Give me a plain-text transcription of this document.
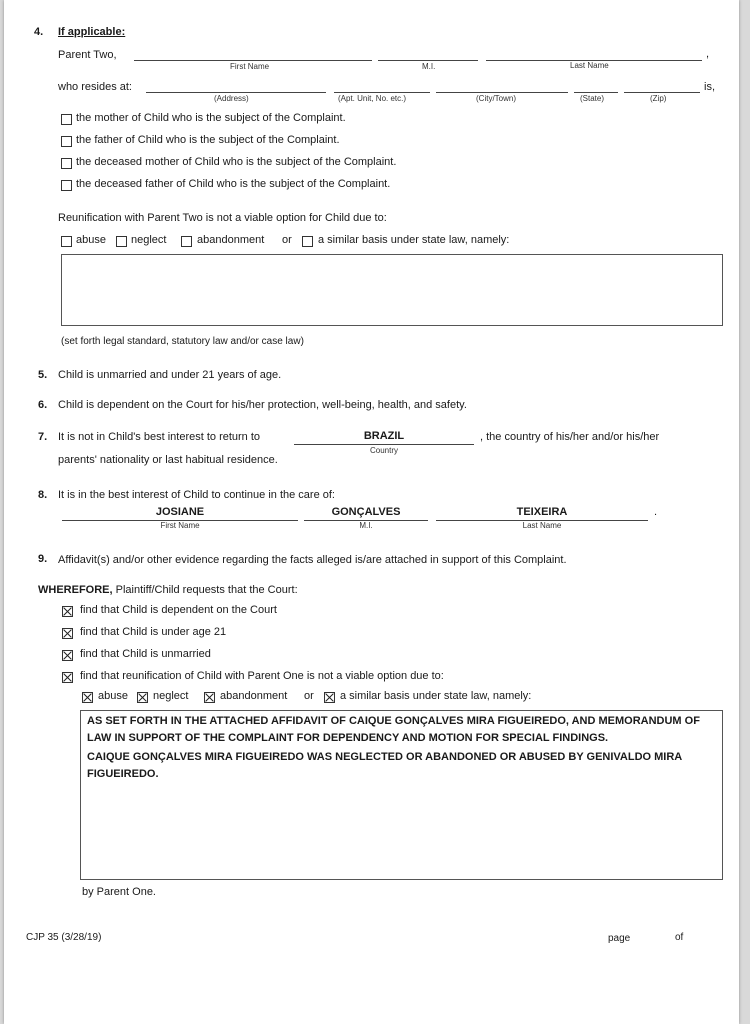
4. If applicable:
Parent Two,	,
First Name	M.I.	Last Name
who resides at:	is,
(Address)	(Apt. Unit, No. etc.)	(City/Town)	(State)	(Zip)
the mother of Child who is the subject of the Complaint.
the father of Child who is the subject of the Complaint.
the deceased mother of Child who is the subject of the Complaint.
the deceased father of Child who is the subject of the Complaint.
Reunification with Parent Two is not a viable option for Child due to:
abuse neglect	abandonment or a similar basis under state law, namely:
(set forth legal standard, statutory law and/or case law)
5. Child is unmarried and under 21 years of age.
6. Child is dependent on the Court for his/her protection, well-being, health, and safety.
7. It is not in Child's best interest to return to	BRAZIL
Country
, the country of his/her and/or his/her
parents' nationality or last habitual residence.
8. It is in the best interest of Child to continue in the care of:
.
JOSIANE	GONÇALVES	TEIXEIRA
First Name	M.I.	Last Name
9. Affidavit(s) and/or other evidence regarding the facts alleged is/are attached in support of this Complaint.
WHEREFORE, Plaintiff/Child requests that the Court:
find that Child is dependent on the Court
find that Child is under age 21
find that Child is unmarried
find that reunification of Child with Parent One is not a viable option due to:
abuse neglect	abandonment or a similar basis under state law, namely:
AS SET FORTH IN THE ATTACHED AFFIDAVIT OF CAIQUE GONÇALVES MIRA FIGUEIREDO, AND MEMORANDUM OF LAW IN SUPPORT OF THE COMPLAINT FOR DEPENDENCY AND MOTION FOR SPECIAL FINDINGS.
CAIQUE GONÇALVES MIRA FIGUEIREDO WAS NEGLECTED OR ABANDONED OR ABUSED BY GENIVALDO MIRA FIGUEIREDO.
by Parent One.
CJP 35 (3/28/19)	page	of
